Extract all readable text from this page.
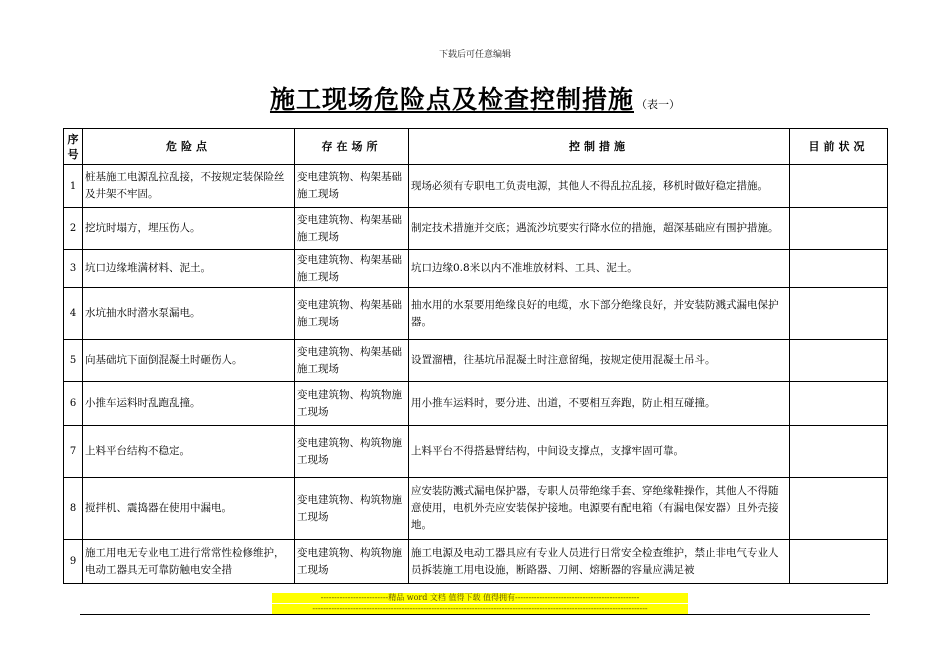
下载后可任意编辑
施工现场危险点及检查控制措施 （表一）
序号	危险点	存在场所	控制措施	目前状况
1	桩基施工电源乱拉乱接，不按规定装保险丝及井架不牢固。	变电建筑物、构架基础施工现场	现场必须有专职电工负责电源，其他人不得乱拉乱接，移机时做好稳定措施。	
2	挖坑时塌方，埋压伤人。	变电建筑物、构架基础施工现场	制定技术措施并交底；遇流沙坑要实行降水位的措施，超深基础应有围护措施。	
3	坑口边缘堆满材料、泥土。	变电建筑物、构架基础施工现场	坑口边缘0.8米以内不准堆放材料、工具、泥土。	
4	水坑抽水时潜水泵漏电。	变电建筑物、构架基础施工现场	抽水用的水泵要用绝缘良好的电缆，水下部分绝缘良好，并安装防溅式漏电保护器。	
5	向基础坑下面倒混凝土时砸伤人。	变电建筑物、构架基础施工现场	设置溜槽，往基坑吊混凝土时注意留绳，按规定使用混凝土吊斗。	
6	小推车运料时乱跑乱撞。	变电建筑物、构筑物施工现场	用小推车运料时，要分进、出道，不要相互奔跑，防止相互碰撞。	
7	上料平台结构不稳定。	变电建筑物、构筑物施工现场	上料平台不得搭悬臂结构，中间设支撑点，支撑牢固可靠。	
8	搅拌机、震捣器在使用中漏电。	变电建筑物、构筑物施工现场	应安装防溅式漏电保护器，专职人员带绝缘手套、穿绝缘鞋操作，其他人不得随意使用，电机外壳应安装保护接地。电源要有配电箱（有漏电保安器）且外壳接地。	
9	施工用电无专业电工进行常常性检修维护，电动工器具无可靠防触电安全措	变电建筑物、构筑物施工现场	施工电源及电动工器具应有专业人员进行日常安全检查维护，禁止非电气专业人员拆装施工用电设施，断路器、刀闸、熔断器的容量应满足被	
-------------------------精品 word 文档 值得下载 值得拥有----------------------------------------------
----------------------------------------------------------------------------------------------------------------------------
